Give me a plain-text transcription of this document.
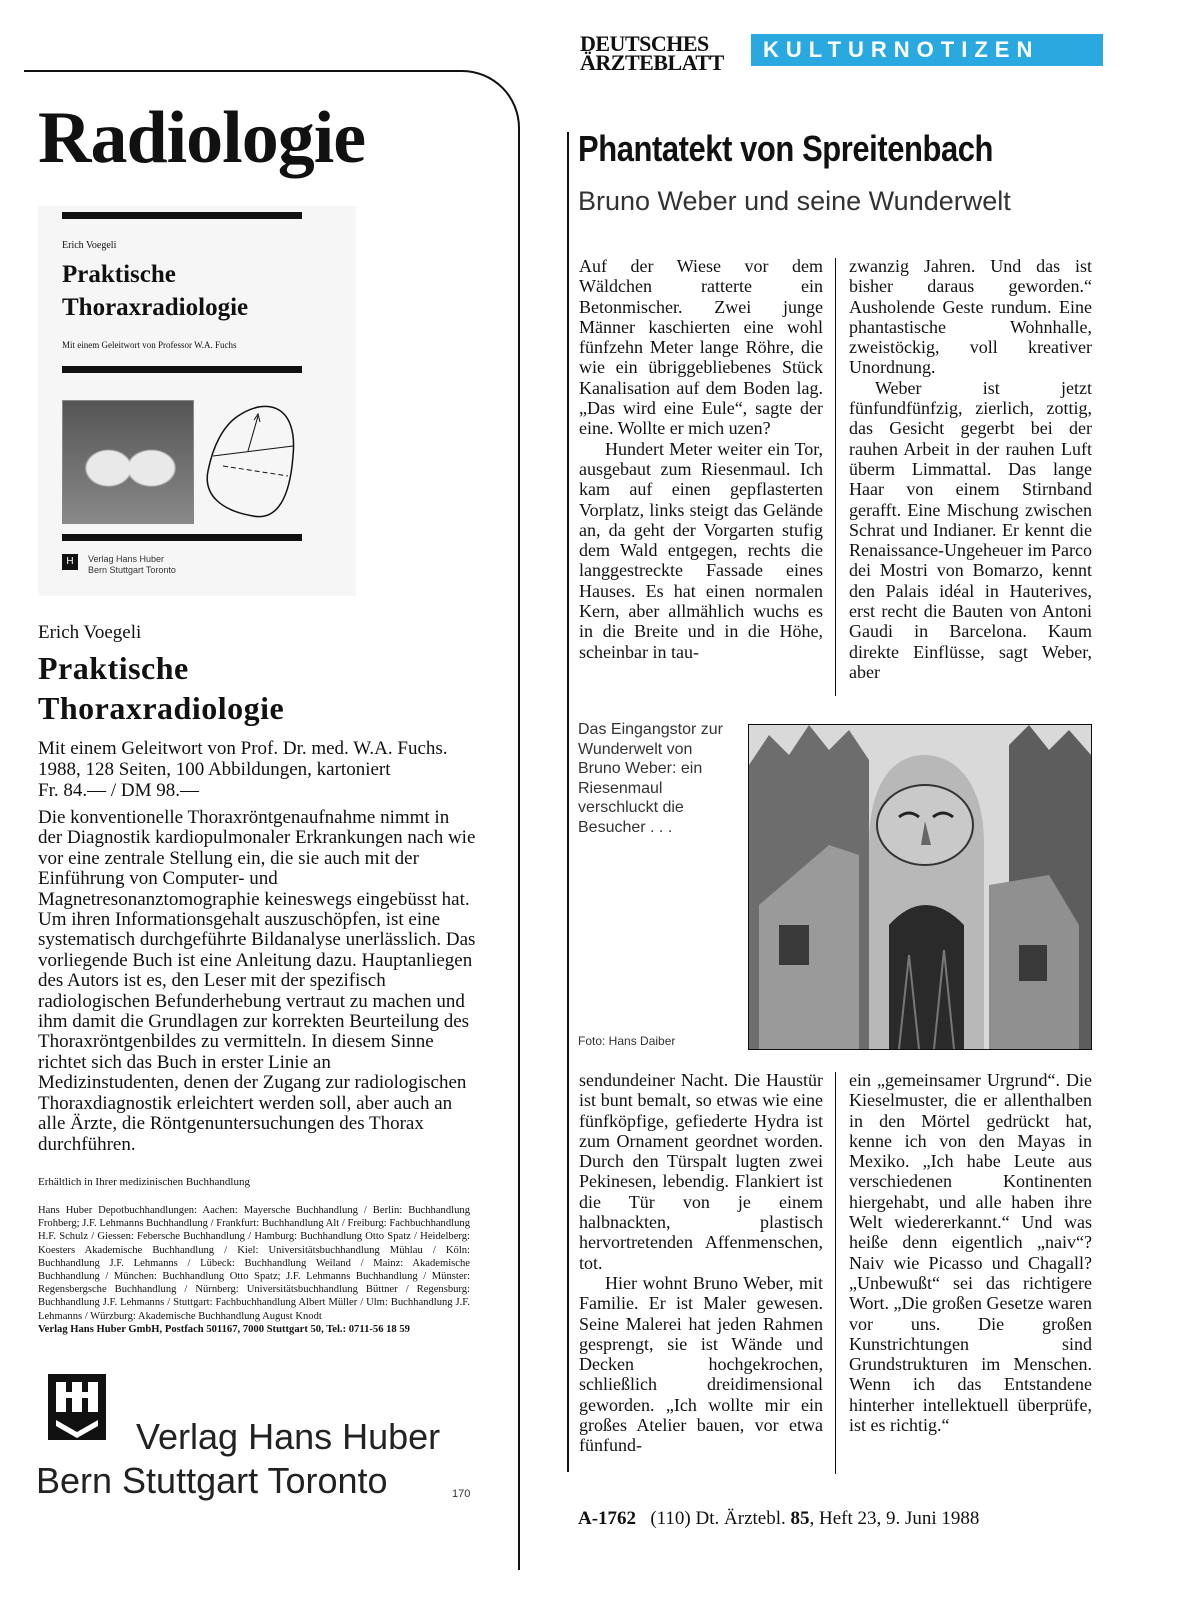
Radiologie
Erich Voegeli
Praktische
Thoraxradiologie
Mit einem Geleitwort von Professor W.A. Fuchs
H	Verlag Hans Huber
Bern Stuttgart Toronto
Erich Voegeli
Praktische
Thoraxradiologie
Mit einem Geleitwort von Prof. Dr. med. W.A. Fuchs.
1988, 128 Seiten, 100 Abbildungen, kartoniert
Fr. 84.— / DM 98.—
Die konventionelle Thoraxröntgenaufnahme nimmt in der Diagnostik kardiopulmonaler Erkrankungen nach wie vor eine zentrale Stellung ein, die sie auch mit der Einführung von Computer- und Magnetresonanztomographie keineswegs eingebüsst hat. Um ihren Informationsgehalt auszuschöpfen, ist eine systematisch durchgeführte Bildanalyse unerlässlich. Das vorliegende Buch ist eine Anleitung dazu. Hauptanliegen des Autors ist es, den Leser mit der spezifisch radiologischen Befunderhebung vertraut zu machen und ihm damit die Grundlagen zur korrekten Beurteilung des Thoraxröntgenbildes zu vermitteln. In diesem Sinne richtet sich das Buch in erster Linie an Medizinstudenten, denen der Zugang zur radiologischen Thoraxdiagnostik erleichtert werden soll, aber auch an alle Ärzte, die Röntgenuntersuchungen des Thorax durchführen.
Erhältlich in Ihrer medizinischen Buchhandlung
Hans Huber Depotbuchhandlungen: Aachen: Mayersche Buchhandlung / Berlin: Buchhandlung Frohberg; J.F. Lehmanns Buchhandlung / Frankfurt: Buchhandlung Alt / Freiburg: Fachbuchhandlung H.F. Schulz / Giessen: Febersche Buchhandlung / Hamburg: Buchhandlung Otto Spatz / Heidelberg: Koesters Akademische Buchhandlung / Kiel: Universitätsbuchhandlung Mühlau / Köln: Buchhandlung J.F. Lehmanns / Lübeck: Buchhandlung Weiland / Mainz: Akademische Buchhandlung / München: Buchhandlung Otto Spatz; J.F. Lehmanns Buchhandlung / Münster: Regensbergsche Buchhandlung / Nürnberg: Universitätsbuchhandlung Büttner / Regensburg: Buchhandlung J.F. Lehmanns / Stuttgart: Fachbuchhandlung Albert Müller / Ulm: Buchhandlung J.F. Lehmanns / Würzburg: Akademische Buchhandlung August Knodt
Verlag Hans Huber GmbH, Postfach 501167, 7000 Stuttgart 50, Tel.: 0711-56 18 59
Verlag Hans Huber
Bern Stuttgart Toronto	170
DEUTSCHES
ÄRZTEBLATT
KULTURNOTIZEN
Phantatekt von Spreitenbach
Bruno Weber und seine Wunderwelt

Auf der Wiese vor dem Wäldchen ratterte ein Betonmischer. Zwei junge Männer kaschierten eine wohl fünfzehn Meter lange Röhre, die wie ein übriggebliebenes Stück Kanalisation auf dem Boden lag. „Das wird eine Eule“, sagte der eine. Wollte er mich uzen?

Hundert Meter weiter ein Tor, ausgebaut zum Riesenmaul. Ich kam auf einen gepflasterten Vorplatz, links steigt das Gelände an, da geht der Vorgarten stufig dem Wald entgegen, rechts die langgestreckte Fassade eines Hauses. Es hat einen normalen Kern, aber allmählich wuchs es in die Breite und in die Höhe, scheinbar in tau-

zwanzig Jahren. Und das ist bisher daraus geworden.“ Ausholende Geste rundum. Eine phantastische Wohnhalle, zweistöckig, voll kreativer Unordnung.

Weber ist jetzt fünfundfünfzig, zierlich, zottig, das Gesicht gegerbt bei der rauhen Arbeit in der rauhen Luft überm Limmattal. Das lange Haar von einem Stirnband gerafft. Eine Mischung zwischen Schrat und Indianer. Er kennt die Renaissance-Ungeheuer im Parco dei Mostri von Bomarzo, kennt den Palais idéal in Hauterives, erst recht die Bauten von Antoni Gaudi in Barcelona. Kaum direkte Einflüsse, sagt Weber, aber

Das Eingangstor zur Wunderwelt von Bruno Weber: ein Riesenmaul verschluckt die Besucher . . .
Foto: Hans Daiber

sendundeiner Nacht. Die Haustür ist bunt bemalt, so etwas wie eine fünfköpfige, gefiederte Hydra ist zum Ornament geordnet worden. Durch den Türspalt lugten zwei Pekinesen, lebendig. Flankiert ist die Tür von je einem halbnackten, plastisch hervortretenden Affenmenschen, tot.

Hier wohnt Bruno Weber, mit Familie. Er ist Maler gewesen. Seine Malerei hat jeden Rahmen gesprengt, sie ist Wände und Decken hochgekrochen, schließlich dreidimensional geworden. „Ich wollte mir ein großes Atelier bauen, vor etwa fünfund-

ein „gemeinsamer Urgrund“. Die Kieselmuster, die er allenthalben in den Mörtel gedrückt hat, kenne ich von den Mayas in Mexiko. „Ich habe Leute aus verschiedenen Kontinenten hiergehabt, und alle haben ihre Welt wiedererkannt.“ Und was heiße denn eigentlich „naiv“? Naiv wie Picasso und Chagall? „Unbewußt“ sei das richtigere Wort. „Die großen Gesetze waren vor uns. Die großen Kunstrichtungen sind Grundstrukturen im Menschen. Wenn ich das Entstandene hinterher intellektuell überprüfe, ist es richtig.“

A-1762 (110) Dt. Ärztebl. 85, Heft 23, 9. Juni 1988
